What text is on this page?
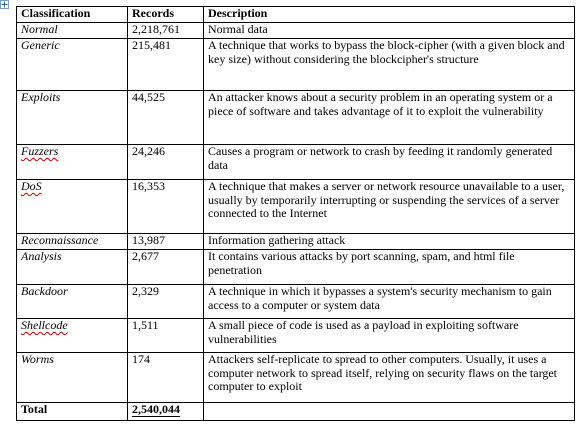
Classification	Records	Description
Normal	2,218,761	Normal data
Generic	215,481	A technique that works to bypass the block-cipher (with a given block and key size) without considering the blockcipher's structure
Exploits	44,525	An attacker knows about a security problem in an operating system or a piece of software and takes advantage of it to exploit the vulnerability
Fuzzers	24,246	Causes a program or network to crash by feeding it randomly generated data
DoS	16,353	A technique that makes a server or network resource unavailable to a user, usually by temporarily interrupting or suspending the services of a server connected to the Internet
Reconnaissance	13,987	Information gathering attack
Analysis	2,677	It contains various attacks by port scanning, spam, and html file penetration
Backdoor	2,329	A technique in which it bypasses a system's security mechanism to gain access to a computer or system data
Shellcode	1,511	A small piece of code is used as a payload in exploiting software vulnerabilities
Worms	174	Attackers self-replicate to spread to other computers. Usually, it uses a computer network to spread itself, relying on security flaws on the target computer to exploit
Total	2,540,044	
